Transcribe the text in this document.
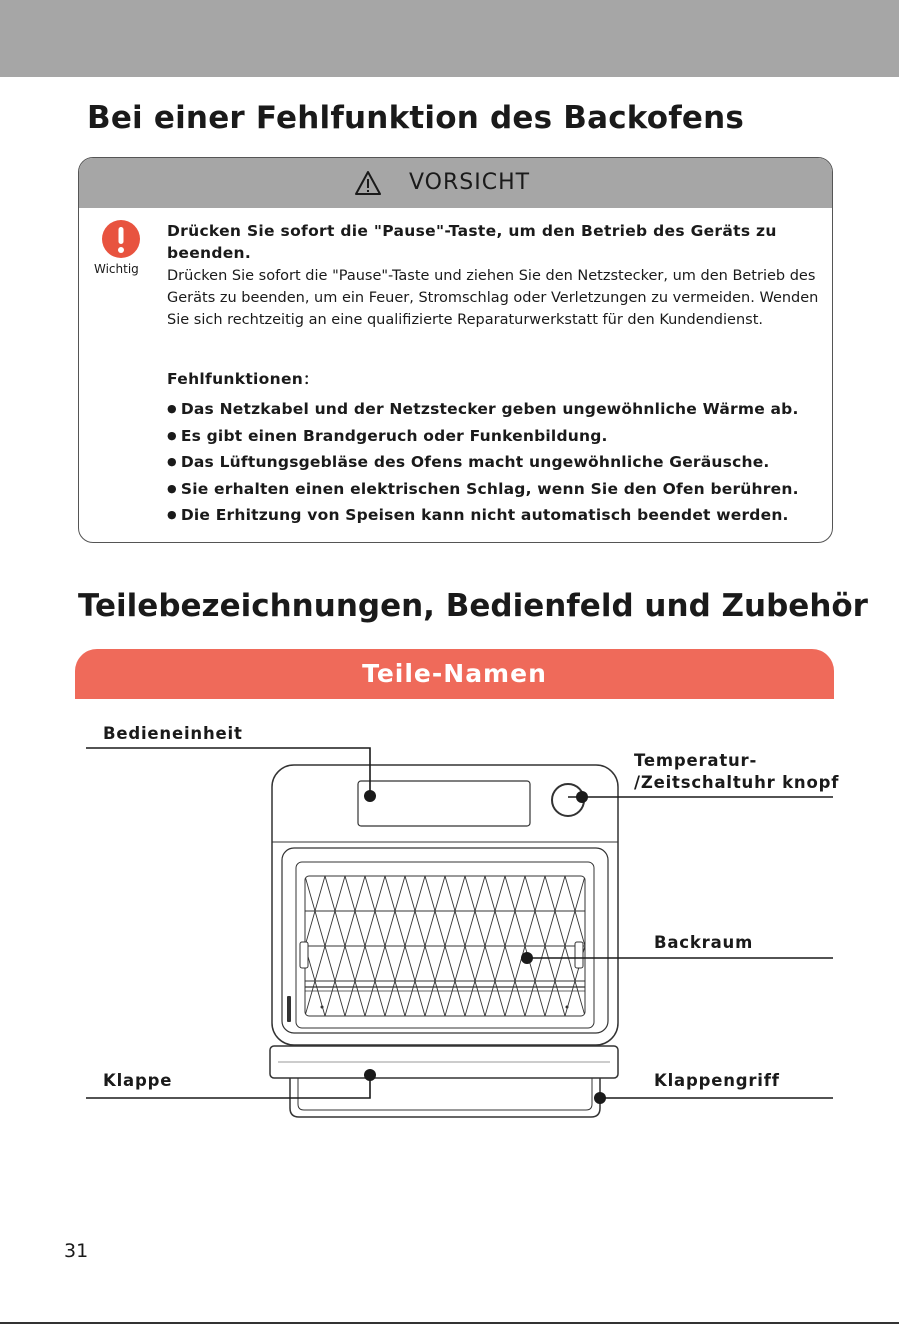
Bei einer Fehlfunktion des Backofens
VORSICHT
Wichtig

Drücken Sie sofort die "Pause"-Taste, um den Betrieb des Geräts zu beenden.

Drücken Sie sofort die "Pause"-Taste und ziehen Sie den Netzstecker, um den Betrieb des Geräts zu beenden, um ein Feuer, Stromschlag oder Verletzungen zu vermeiden. Wenden Sie sich rechtzeitig an eine qualifizierte Reparaturwerkstatt für den Kundendienst.

Fehlfunktionen：

● Das Netzkabel und der Netzstecker geben ungewöhnliche Wärme ab.
● Es gibt einen Brandgeruch oder Funkenbildung.
● Das Lüftungsgebläse des Ofens macht ungewöhnliche Geräusche.
● Sie erhalten einen elektrischen Schlag, wenn Sie den Ofen berühren.
● Die Erhitzung von Speisen kann nicht automatisch beendet werden.
Teilebezeichnungen, Bedienfeld und Zubehör
Teile-Namen
Bedieneinheit
Temperatur-
/Zeitschaltuhr knopf
Backraum
Klappe	Klappengriff
31
